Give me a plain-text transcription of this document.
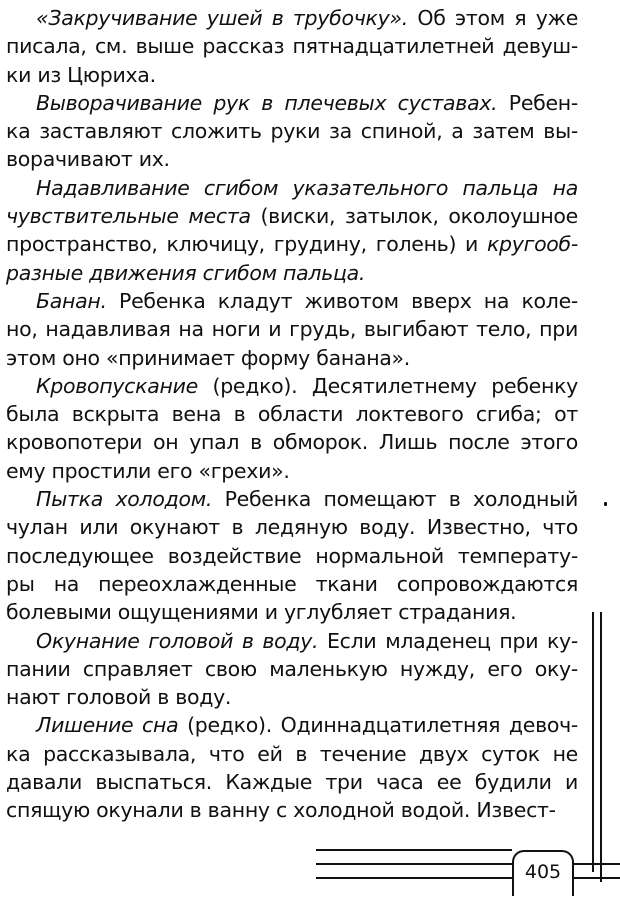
«Закручивание ушей в трубочку». Об этом я уже
писала, см. выше рассказ пятнадцатилетней девуш-
ки из Цюриха.
Выворачивание рук в плечевых суставах. Ребен-
ка заставляют сложить руки за спиной, а затем вы-
ворачивают их.
Надавливание сгибом указательного пальца на
чувствительные места (виски, затылок, околоушное
пространство, ключицу, грудину, голень) и кругооб-
разные движения сгибом пальца.
Банан. Ребенка кладут животом вверх на коле-
но, надавливая на ноги и грудь, выгибают тело, при
этом оно «принимает форму банана».
Кровопускание (редко). Десятилетнему ребенку
была вскрыта вена в области локтевого сгиба; от
кровопотери он упал в обморок. Лишь после этого
ему простили его «грехи».
Пытка холодом. Ребенка помещают в холодный
чулан или окунают в ледяную воду. Известно, что
последующее воздействие нормальной температу-
ры на переохлажденные ткани сопровождаются
болевыми ощущениями и углубляет страдания.
Окунание головой в воду. Если младенец при ку-
пании справляет свою маленькую нужду, его оку-
нают головой в воду.
Лишение сна (редко). Одиннадцатилетняя девоч-
ка рассказывала, что ей в течение двух суток не
давали выспаться. Каждые три часа ее будили и
спящую окунали в ванну с холодной водой. Извест-
405
